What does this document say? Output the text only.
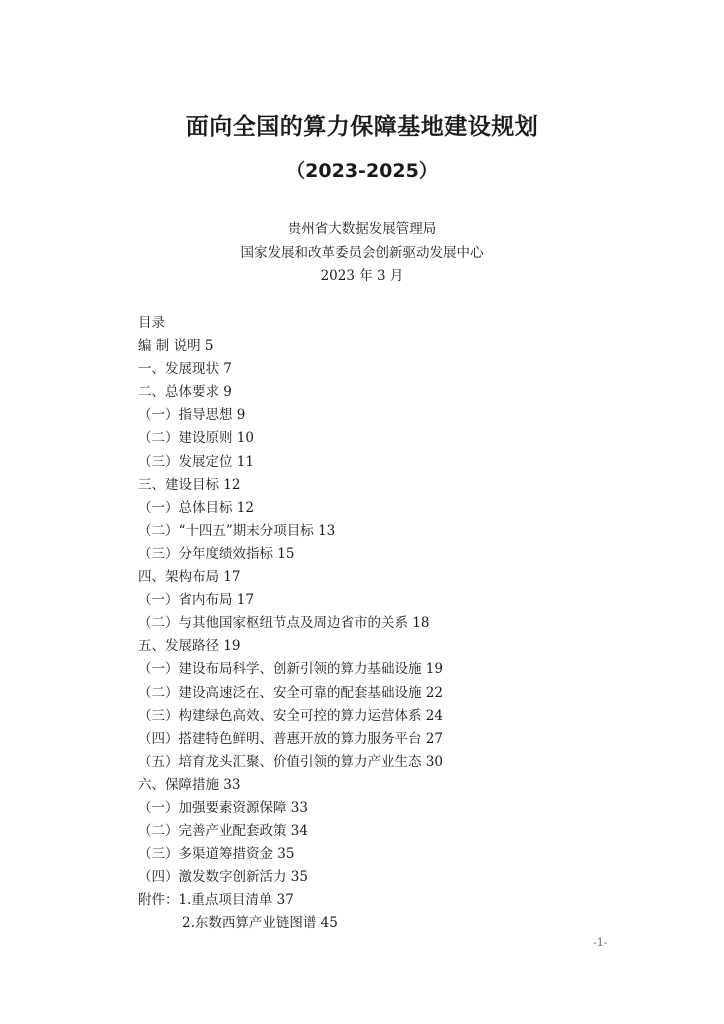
面向全国的算力保障基地建设规划
（2023-2025）
贵州省大数据发展管理局
国家发展和改革委员会创新驱动发展中心
2023 年 3 月
目录
编 制 说明 5
一、发展现状 7
二、总体要求 9
（一）指导思想 9
（二）建设原则 10
（三）发展定位 11
三、建设目标 12
（一）总体目标 12
（二）“十四五”期末分项目标 13
（三）分年度绩效指标 15
四、架构布局 17
（一）省内布局 17
（二）与其他国家枢纽节点及周边省市的关系 18
五、发展路径 19
（一）建设布局科学、创新引领的算力基础设施 19
（二）建设高速泛在、安全可靠的配套基础设施 22
（三）构建绿色高效、安全可控的算力运营体系 24
（四）搭建特色鲜明、普惠开放的算力服务平台 27
（五）培育龙头汇聚、价值引领的算力产业生态 30
六、保障措施 33
（一）加强要素资源保障 33
（二）完善产业配套政策 34
（三）多渠道筹措资金 35
（四）激发数字创新活力 35
附件：1.重点项目清单 37
2.东数西算产业链图谱 45
-1-
